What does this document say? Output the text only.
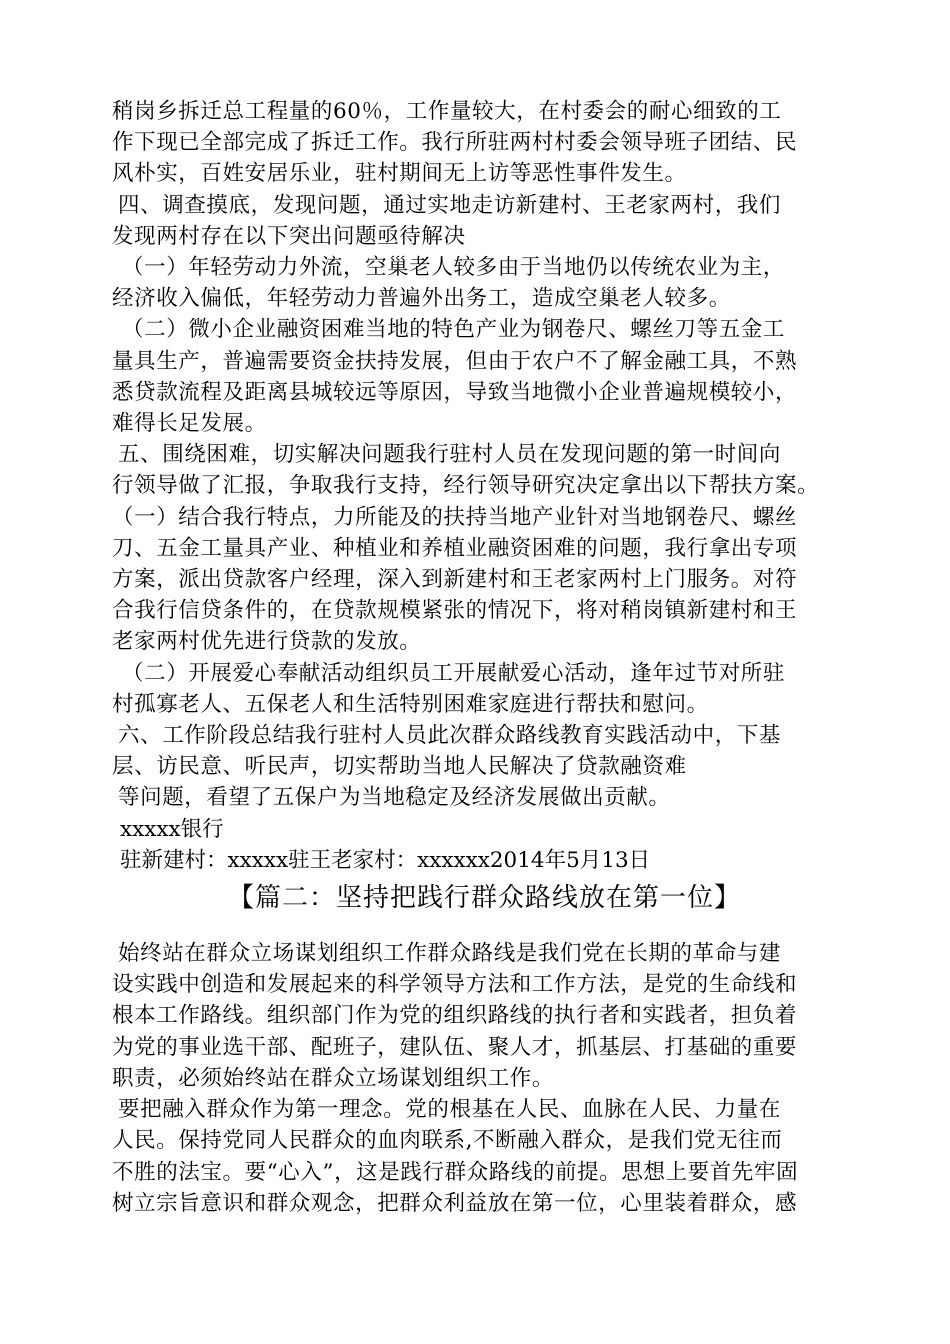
稍岗乡拆迁总工程量的60％，工作量较大，在村委会的耐心细致的工
作下现已全部完成了拆迁工作。我行所驻两村村委会领导班子团结、民
风朴实，百姓安居乐业，驻村期间无上访等恶性事件发生。
四、调查摸底，发现问题，通过实地走访新建村、王老家两村，我们
发现两村存在以下突出问题亟待解决
（一）年轻劳动力外流，空巢老人较多由于当地仍以传统农业为主，
经济收入偏低，年轻劳动力普遍外出务工，造成空巢老人较多。
（二）微小企业融资困难当地的特色产业为钢卷尺、螺丝刀等五金工
量具生产，普遍需要资金扶持发展，但由于农户不了解金融工具，不熟
悉贷款流程及距离县城较远等原因，导致当地微小企业普遍规模较小，
难得长足发展。
五、围绕困难，切实解决问题我行驻村人员在发现问题的第一时间向
行领导做了汇报，争取我行支持，经行领导研究决定拿出以下帮扶方案。
（一）结合我行特点，力所能及的扶持当地产业针对当地钢卷尺、螺丝
刀、五金工量具产业、种植业和养植业融资困难的问题，我行拿出专项
方案，派出贷款客户经理，深入到新建村和王老家两村上门服务。对符
合我行信贷条件的，在贷款规模紧张的情况下，将对稍岗镇新建村和王
老家两村优先进行贷款的发放。
（二）开展爱心奉献活动组织员工开展献爱心活动，逢年过节对所驻
村孤寡老人、五保老人和生活特别困难家庭进行帮扶和慰问。
六、工作阶段总结我行驻村人员此次群众路线教育实践活动中，下基
层、访民意、听民声，切实帮助当地人民解决了贷款融资难
等问题，看望了五保户为当地稳定及经济发展做出贡献。

xxxxx银行

驻新建村：xxxxx驻王老家村：xxxxxx2014年5月13日

【篇二：坚持把践行群众路线放在第一位】
始终站在群众立场谋划组织工作群众路线是我们党在长期的革命与建
设实践中创造和发展起来的科学领导方法和工作方法，是党的生命线和
根本工作路线。组织部门作为党的组织路线的执行者和实践者，担负着
为党的事业选干部、配班子，建队伍、聚人才，抓基层、打基础的重要
职责，必须始终站在群众立场谋划组织工作。
要把融入群众作为第一理念。党的根基在人民、血脉在人民、力量在
人民。保持党同人民群众的血肉联系,不断融入群众，是我们党无往而
不胜的法宝。要“心入”，这是践行群众路线的前提。思想上要首先牢固
树立宗旨意识和群众观念，把群众利益放在第一位，心里装着群众，感
